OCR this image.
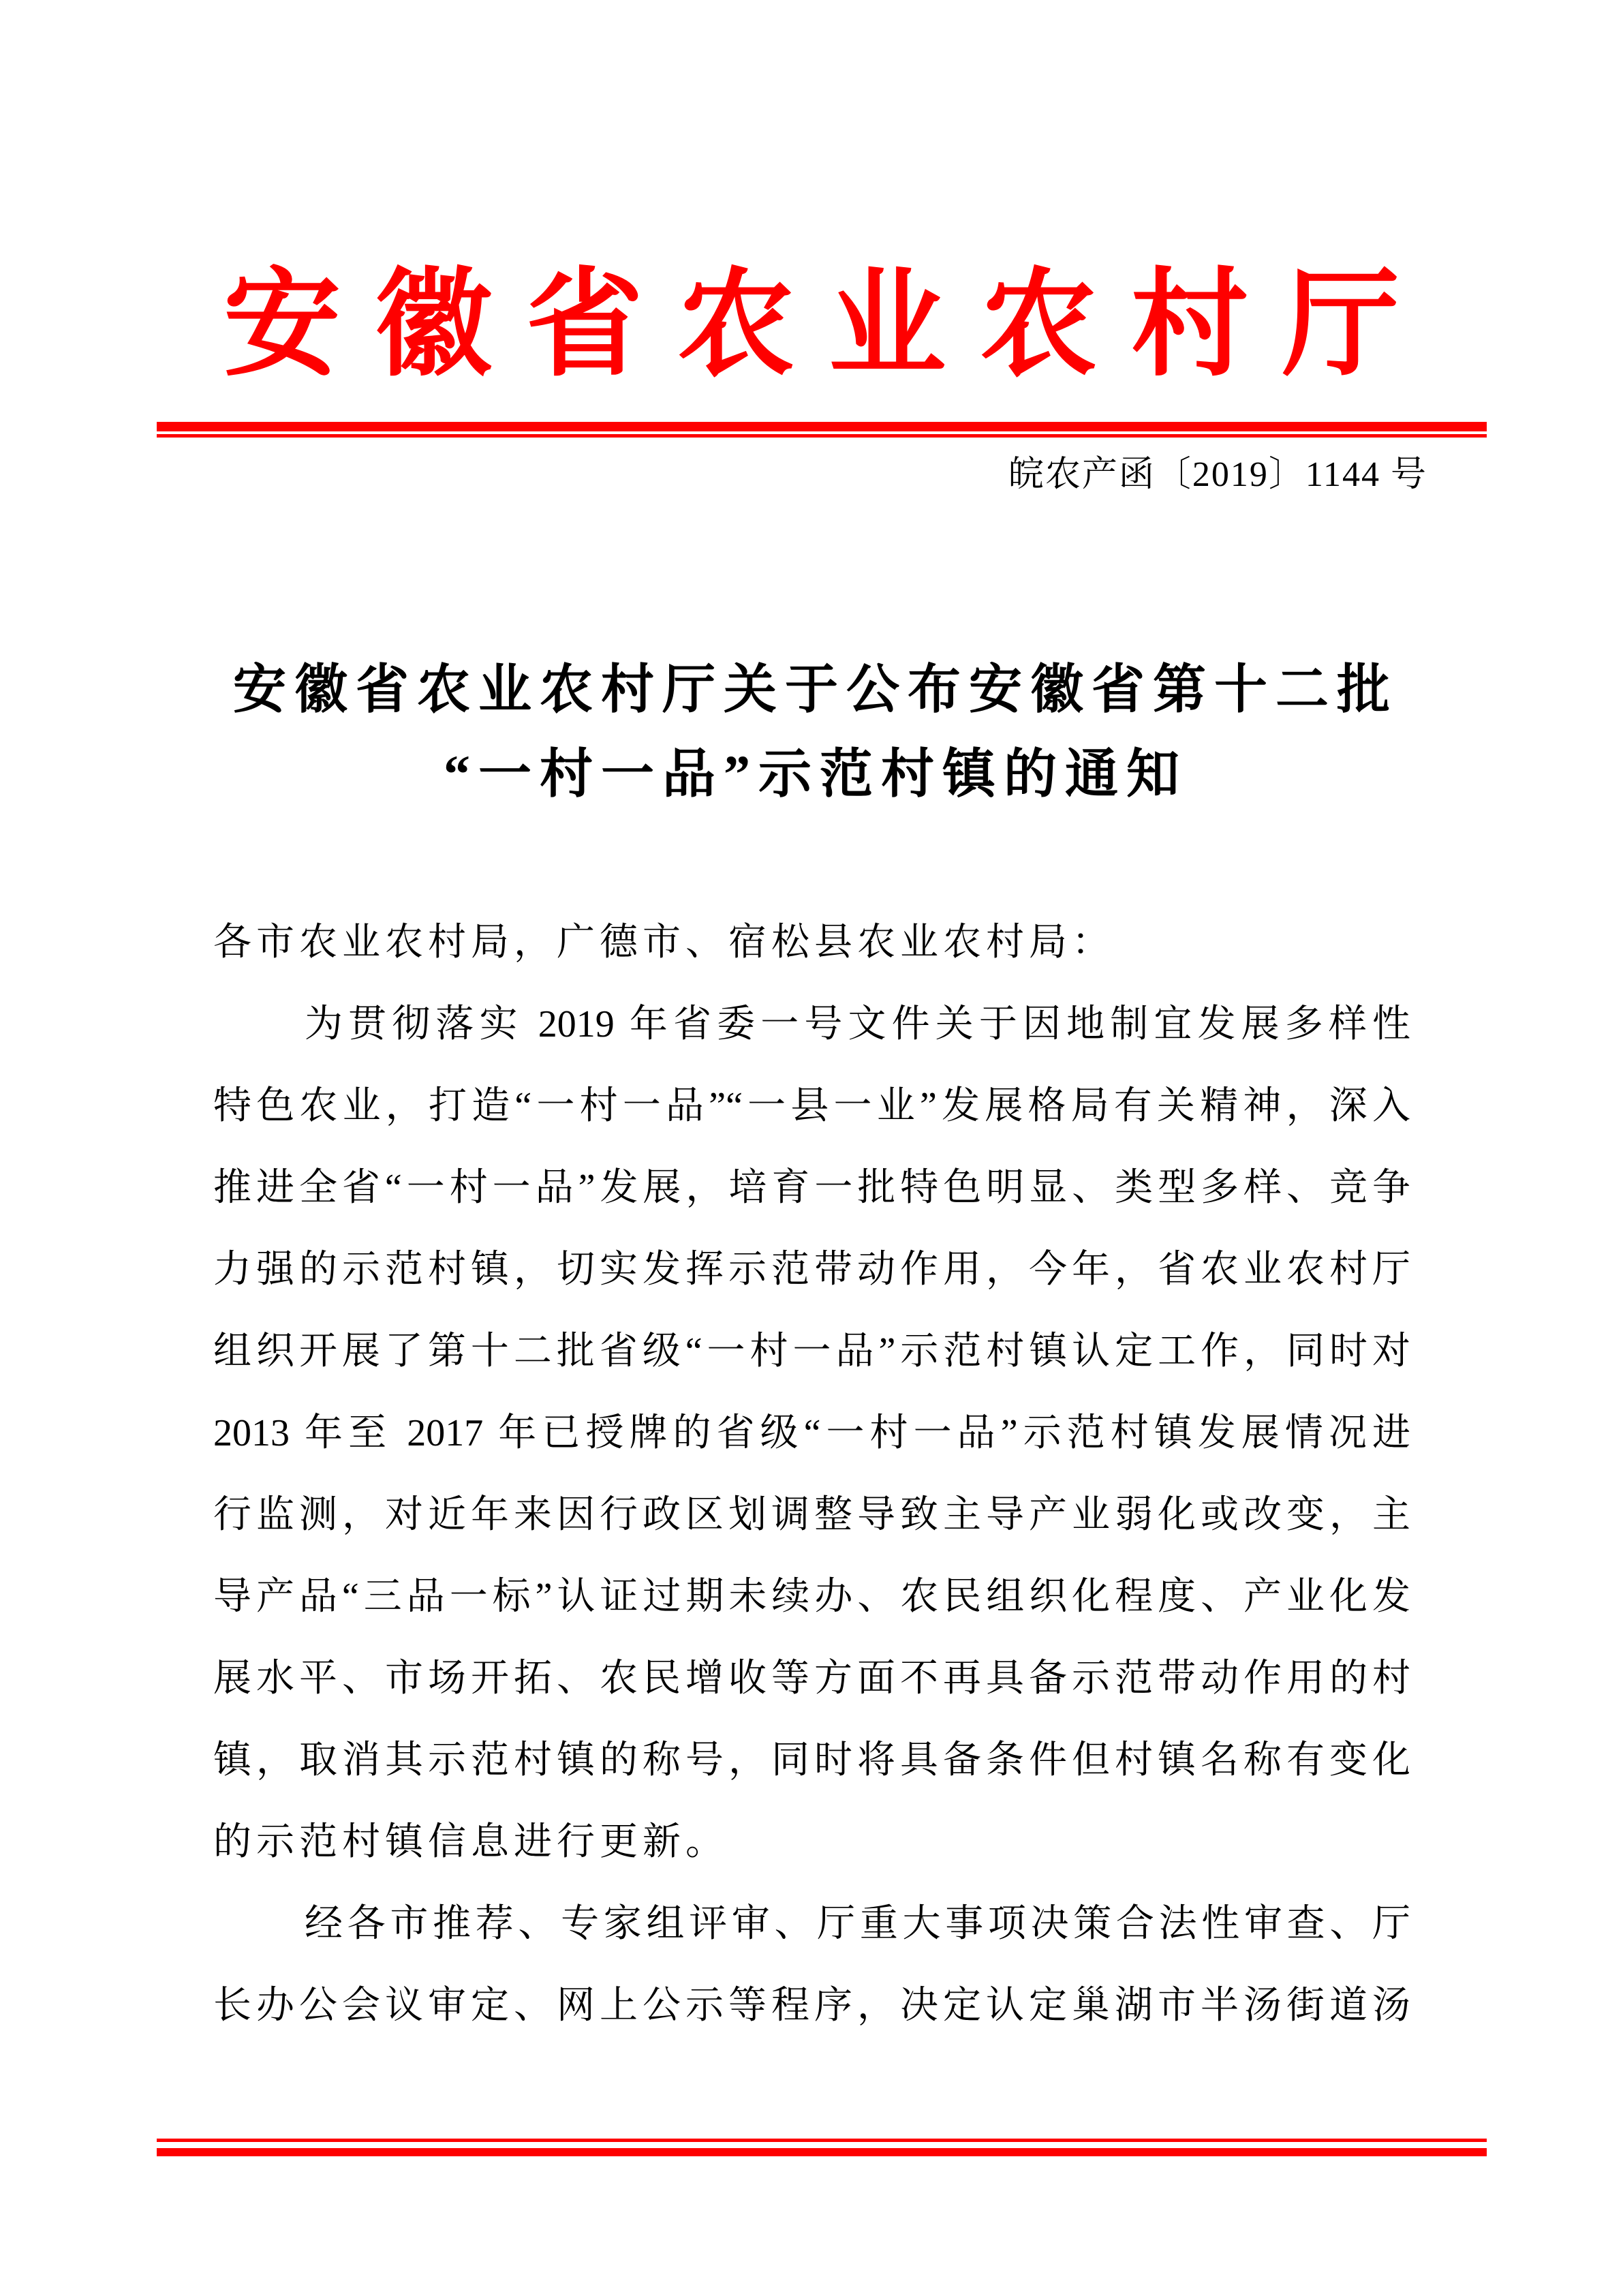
安徽省农业农村厅
皖农产函〔2019〕1144 号
安徽省农业农村厅关于公布安徽省第十二批
“一村一品”示范村镇的通知
各市农业农村局，广德市、宿松县农业农村局：
为贯彻落实 2019 年省委一号文件关于因地制宜发展多样性
特色农业，打造“一村一品”“一县一业”发展格局有关精神，深入
推进全省“一村一品”发展，培育一批特色明显、类型多样、竞争
力强的示范村镇，切实发挥示范带动作用，今年，省农业农村厅
组织开展了第十二批省级“一村一品”示范村镇认定工作，同时对
2013 年至 2017 年已授牌的省级“一村一品”示范村镇发展情况进
行监测，对近年来因行政区划调整导致主导产业弱化或改变，主
导产品“三品一标”认证过期未续办、农民组织化程度、产业化发
展水平、市场开拓、农民增收等方面不再具备示范带动作用的村
镇，取消其示范村镇的称号，同时将具备条件但村镇名称有变化
的示范村镇信息进行更新。
经各市推荐、专家组评审、厅重大事项决策合法性审查、厅
长办公会议审定、网上公示等程序，决定认定巢湖市半汤街道汤
